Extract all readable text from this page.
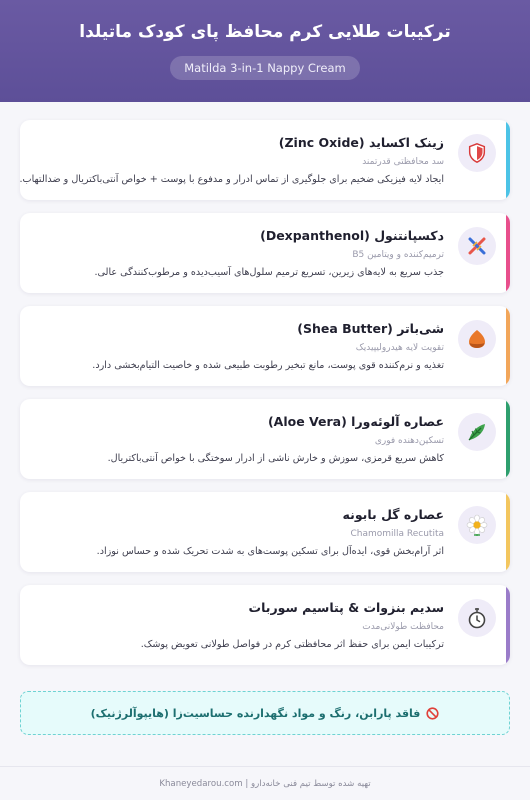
ترکیبات طلایی کرم محافظ پای کودک ماتیلدا
Matilda 3-in-1 Nappy Cream
زینک اکساید (Zinc Oxide)
سد محافظتی قدرتمند
ایجاد لایه فیزیکی ضخیم برای جلوگیری از تماس ادرار و مدفوع با پوست + خواص آنتی‌باکتریال و ضدالتهاب.
دکسپانتنول (Dexpanthenol)
ترمیم‌کننده و ویتامین B5
جذب سریع به لایه‌های زیرین، تسریع ترمیم سلول‌های آسیب‌دیده و مرطوب‌کنندگی عالی.
شی‌باتر (Shea Butter)
تقویت لایه هیدرولیپیدیک
تغذیه و نرم‌کننده قوی پوست، مانع تبخیر رطوبت طبیعی شده و خاصیت التیام‌بخشی دارد.
عصاره آلوئه‌ورا (Aloe Vera)
تسکین‌دهنده فوری
کاهش سریع قرمزی، سوزش و خارش ناشی از ادرار سوختگی با خواص آنتی‌باکتریال.
عصاره گل بابونه
Chamomilla Recutita
اثر آرام‌بخش قوی، ایده‌آل برای تسکین پوست‌های به شدت تحریک شده و حساس نوزاد.
سدیم بنزوات & پتاسیم سوربات
محافظت طولانی‌مدت
ترکیبات ایمن برای حفظ اثر محافظتی کرم در فواصل طولانی تعویض پوشک.
فاقد پارابن، رنگ و مواد نگهدارنده حساسیت‌زا (هایپوآلرژنیک)
تهیه شده توسط تیم فنی خانه‌دارو | Khaneyedarou.com
